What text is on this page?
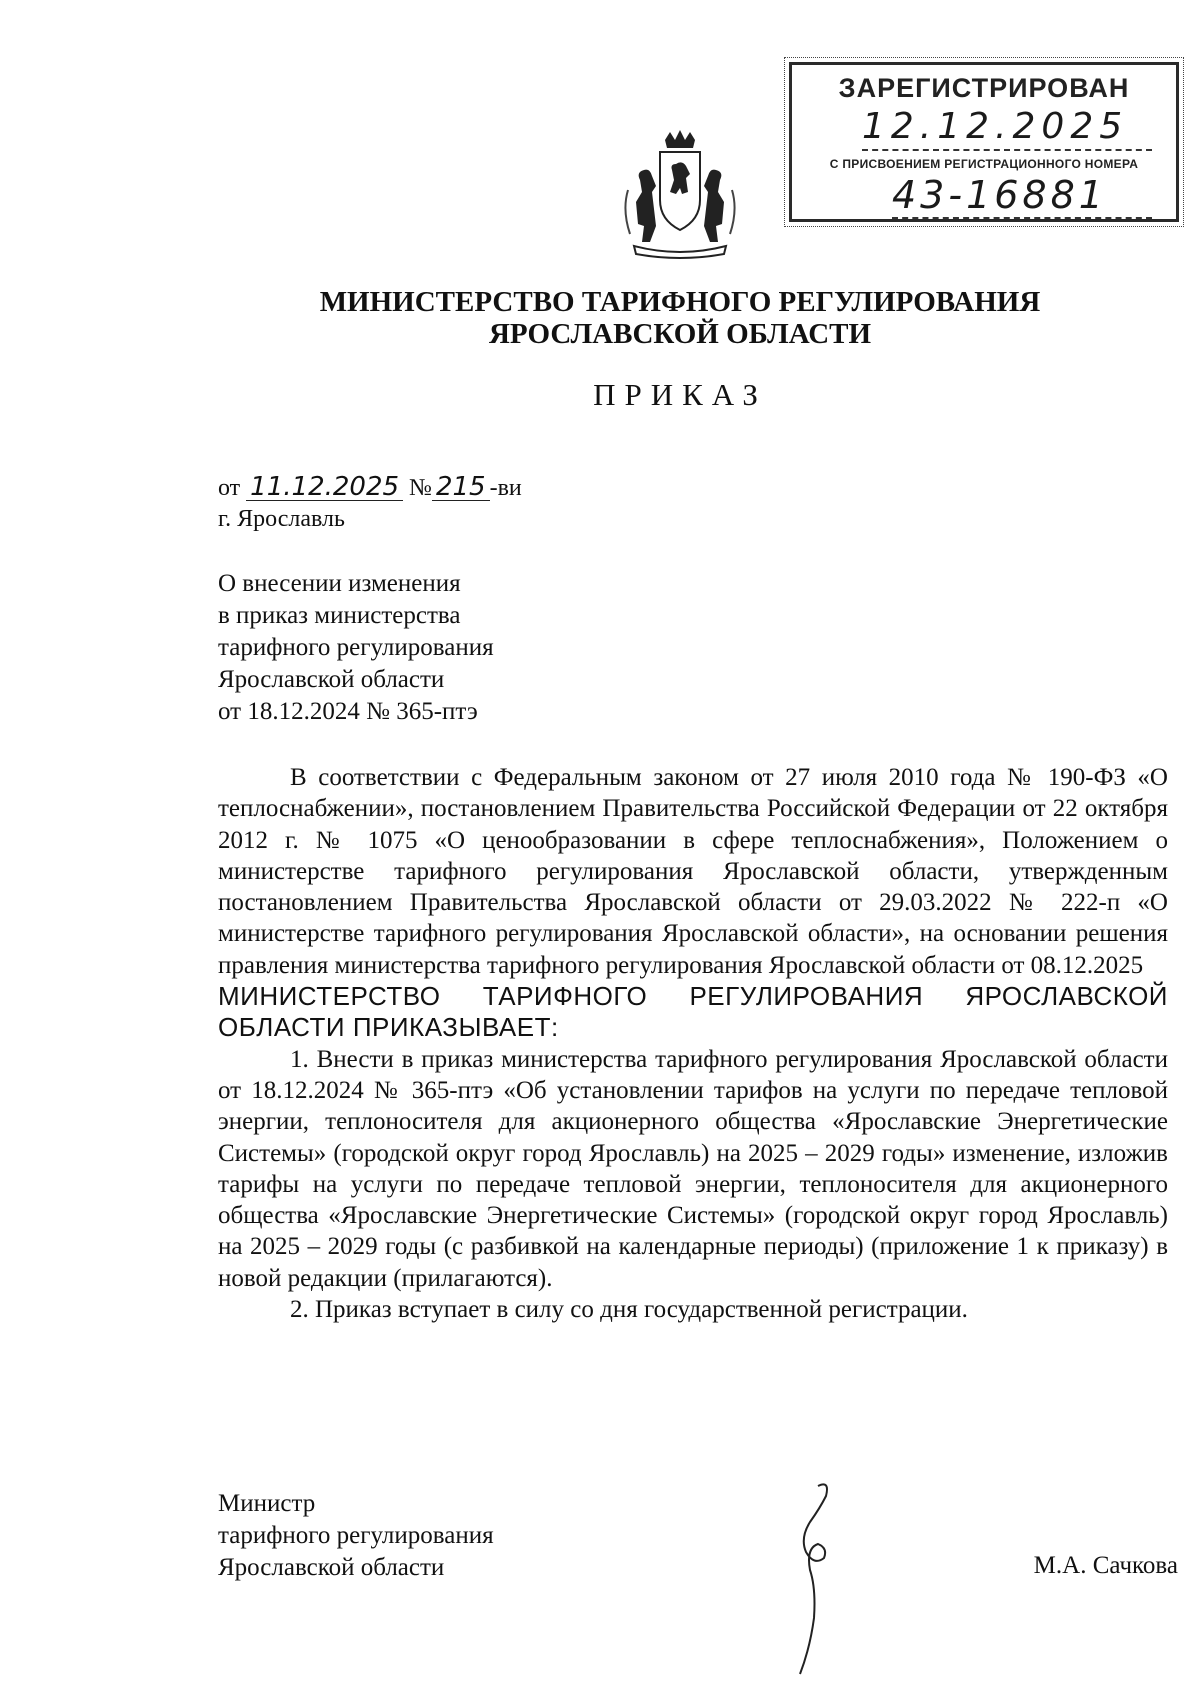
ЗАРЕГИСТРИРОВАН
12.12.2025
С ПРИСВОЕНИЕМ РЕГИСТРАЦИОННОГО НОМЕРА
43-16881
МИНИСТЕРСТВО ТАРИФНОГО РЕГУЛИРОВАНИЯ
ЯРОСЛАВСКОЙ ОБЛАСТИ
ПРИКАЗ
от 11.12.2025 № 215 -ви
г. Ярославль
О внесении изменения
в приказ министерства
тарифного регулирования
Ярославской области
от 18.12.2024 № 365-птэ

В соответствии с Федеральным законом от 27 июля 2010 года № 190-ФЗ «О теплоснабжении», постановлением Правительства Российской Федерации от 22 октября 2012 г. № 1075 «О ценообразовании в сфере теплоснабжения», Положением о министерстве тарифного регулирования Ярославской области, утвержденным постановлением Правительства Ярославской области от 29.03.2022 № 222-п «О министерстве тарифного регулирования Ярославской области», на основании решения правления министерства тарифного регулирования Ярославской области от 08.12.2025

МИНИСТЕРСТВО ТАРИФНОГО РЕГУЛИРОВАНИЯ ЯРОСЛАВСКОЙ ОБЛАСТИ ПРИКАЗЫВАЕТ:

1. Внести в приказ министерства тарифного регулирования Ярославской области от 18.12.2024 № 365-птэ «Об установлении тарифов на услуги по передаче тепловой энергии, теплоносителя для акционерного общества «Ярославские Энергетические Системы» (городской округ город Ярославль) на 2025 – 2029 годы» изменение, изложив тарифы на услуги по передаче тепловой энергии, теплоносителя для акционерного общества «Ярославские Энергетические Системы» (городской округ город Ярославль) на 2025 – 2029 годы (с разбивкой на календарные периоды) (приложение 1 к приказу) в новой редакции (прилагаются).

2. Приказ вступает в силу со дня государственной регистрации.

Министр
тарифного регулирования
Ярославской области	М.А. Сачкова
